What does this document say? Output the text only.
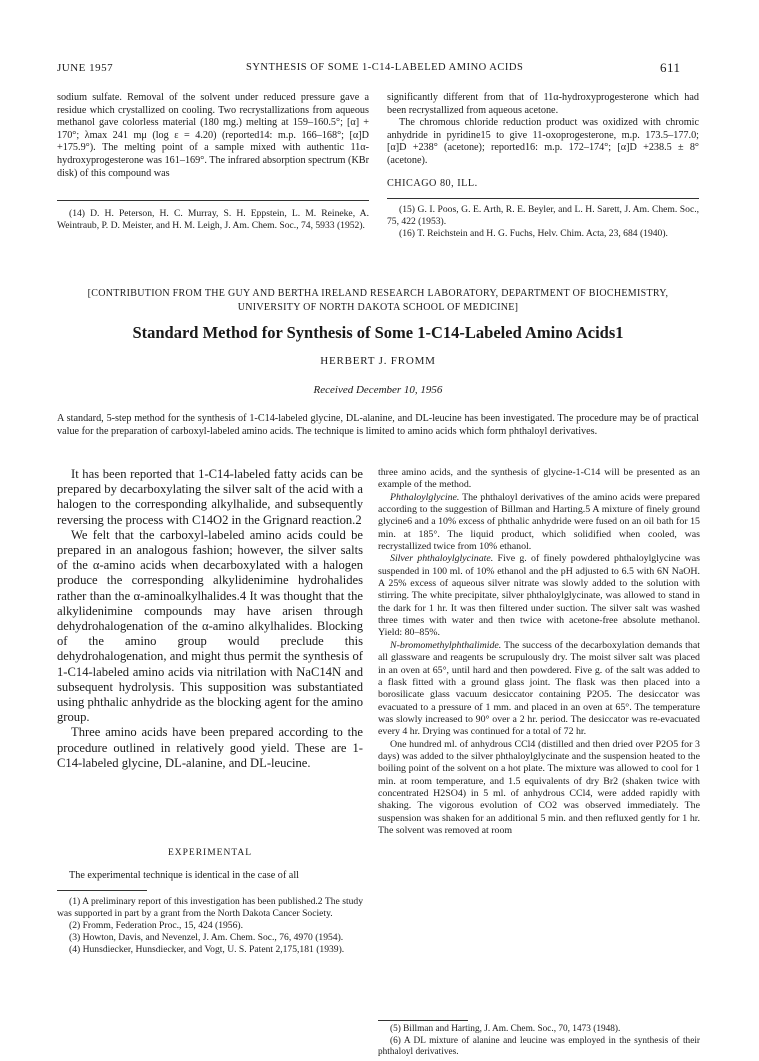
JUNE 1957	SYNTHESIS OF SOME 1-C14-LABELED AMINO ACIDS	611

sodium sulfate. Removal of the solvent under reduced pressure gave a residue which crystallized on cooling. Two recrystallizations from aqueous methanol gave colorless material (180 mg.) melting at 159–160.5°; [α] + 170°; λmax 241 mμ (log ε = 4.20) (reported14: m.p. 166–168°; [α]D +175.9°). The melting point of a sample mixed with authentic 11α-hydroxyprogesterone was 161–169°. The infrared absorption spectrum (KBr disk) of this compound was

(14) D. H. Peterson, H. C. Murray, S. H. Eppstein, L. M. Reineke, A. Weintraub, P. D. Meister, and H. M. Leigh, J. Am. Chem. Soc., 74, 5933 (1952).

significantly different from that of 11α-hydroxyprogesterone which had been recrystallized from aqueous acetone.

The chromous chloride reduction product was oxidized with chromic anhydride in pyridine15 to give 11-oxoprogesterone, m.p. 173.5–177.0; [α]D +238° (acetone); reported16: m.p. 172–174°; [α]D +238.5 ± 8° (acetone).

CHICAGO 80, ILL.

(15) G. I. Poos, G. E. Arth, R. E. Beyler, and L. H. Sarett, J. Am. Chem. Soc., 75, 422 (1953).

(16) T. Reichstein and H. G. Fuchs, Helv. Chim. Acta, 23, 684 (1940).

[CONTRIBUTION FROM THE GUY AND BERTHA IRELAND RESEARCH LABORATORY, DEPARTMENT OF BIOCHEMISTRY,
UNIVERSITY OF NORTH DAKOTA SCHOOL OF MEDICINE]
Standard Method for Synthesis of Some 1-C14-Labeled Amino Acids1
HERBERT J. FROMM
Received December 10, 1956
A standard, 5-step method for the synthesis of 1-C14-labeled glycine, DL-alanine, and DL-leucine has been investigated. The procedure may be of practical value for the preparation of carboxyl-labeled amino acids. The technique is limited to amino acids which form phthaloyl derivatives.

It has been reported that 1-C14-labeled fatty acids can be prepared by decarboxylating the silver salt of the acid with a halogen to the corresponding alkylhalide, and subsequently reversing the process with C14O2 in the Grignard reaction.2

We felt that the carboxyl-labeled amino acids could be prepared in an analogous fashion; however, the silver salts of the α-amino acids when decarboxylated with a halogen produce the corresponding alkylidenimine hydrohalides rather than the α-aminoalkylhalides.4 It was thought that the alkylidenimine compounds may have arisen through dehydrohalogenation of the α-amino alkylhalides. Blocking of the amino group would preclude this dehydrohalogenation, and might thus permit the synthesis of 1-C14-labeled amino acids via nitrilation with NaC14N and subsequent hydrolysis. This supposition was substantiated using phthalic anhydride as the blocking agent for the amino group.

Three amino acids have been prepared according to the procedure outlined in relatively good yield. These are 1-C14-labeled glycine, DL-alanine, and DL-leucine.

EXPERIMENTAL

The experimental technique is identical in the case of all

(1) A preliminary report of this investigation has been published.2 The study was supported in part by a grant from the North Dakota Cancer Society.

(2) Fromm, Federation Proc., 15, 424 (1956).

(3) Howton, Davis, and Nevenzel, J. Am. Chem. Soc., 76, 4970 (1954).

(4) Hunsdiecker, Hunsdiecker, and Vogt, U. S. Patent 2,175,181 (1939).

three amino acids, and the synthesis of glycine-1-C14 will be presented as an example of the method.

Phthaloylglycine. The phthaloyl derivatives of the amino acids were prepared according to the suggestion of Billman and Harting.5 A mixture of finely ground glycine6 and a 10% excess of phthalic anhydride were fused on an oil bath for 15 min. at 185°. The liquid product, which solidified when cooled, was recrystallized twice from 10% ethanol.

Silver phthaloylglycinate. Five g. of finely powdered phthaloylglycine was suspended in 100 ml. of 10% ethanol and the pH adjusted to 6.5 with 6N NaOH. A 25% excess of aqueous silver nitrate was slowly added to the solution with stirring. The white precipitate, silver phthaloylglycinate, was allowed to stand in the dark for 1 hr. It was then filtered under suction. The silver salt was washed three times with water and then twice with acetone-free absolute methanol. Yield: 80–85%.

N-bromomethylphthalimide. The success of the decarboxylation demands that all glassware and reagents be scrupulously dry. The moist silver salt was placed in an oven at 65°, until hard and then powdered. Five g. of the salt was added to a flask fitted with a ground glass joint. The flask was then placed into a borosilicate glass vacuum desiccator containing P2O5. The desiccator was evacuated to a pressure of 1 mm. and placed in an oven at 65°. The temperature was slowly increased to 90° over a 2 hr. period. The desiccator was re-evacuated every 4 hr. Drying was continued for a total of 72 hr.

One hundred ml. of anhydrous CCl4 (distilled and then dried over P2O5 for 3 days) was added to the silver phthaloylglycinate and the suspension heated to the boiling point of the solvent on a hot plate. The mixture was allowed to cool for 1 min. at room temperature, and 1.5 equivalents of dry Br2 (shaken twice with concentrated H2SO4) in 5 ml. of anhydrous CCl4, were added rapidly with shaking. The vigorous evolution of CO2 was observed immediately. The suspension was shaken for an additional 5 min. and then refluxed gently for 1 hr. The solvent was removed at room

(5) Billman and Harting, J. Am. Chem. Soc., 70, 1473 (1948).

(6) A DL mixture of alanine and leucine was employed in the synthesis of their phthaloyl derivatives.
